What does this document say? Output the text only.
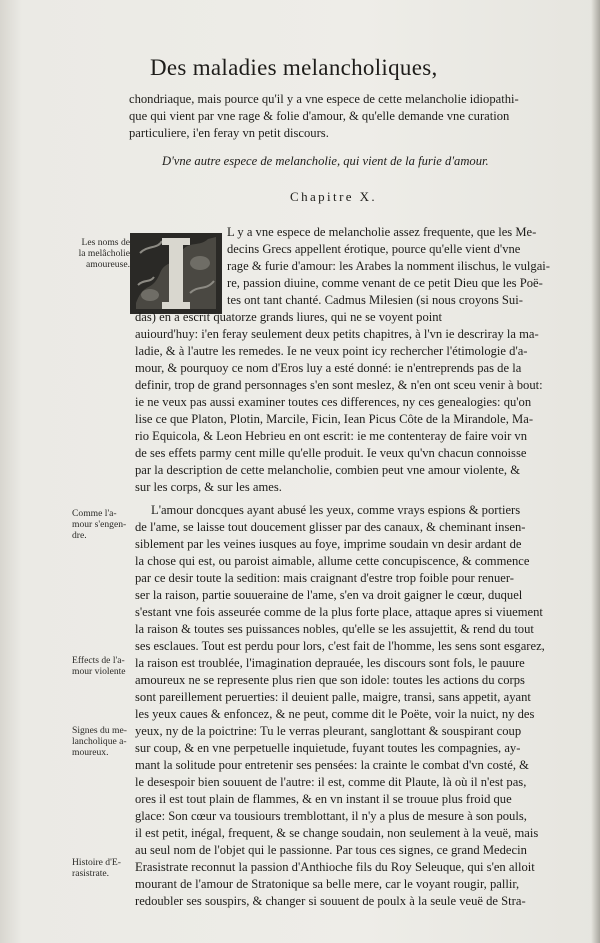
Des maladies melancholiques,
chondriaque, mais pource qu'il y a vne espece de cette melancholie idiopathi-
que qui vient par vne rage & folie d'amour, & qu'elle demande vne curation
particuliere, i'en feray vn petit discours.

D'vne autre espece de melancholie, qui vient de la furie d'amour.

Chapitre X.
I
L y a vne espece de melancholie assez frequente, que les Me-
decins Grecs appellent érotique, pource qu'elle vient d'vne
rage & furie d'amour: les Arabes la nomment ilischus, le vulgai-
re, passion diuine, comme venant de ce petit Dieu que les Poë-
tes ont tant chanté. Cadmus Milesien (si nous croyons Sui-
das) en a escrit quatorze grands liures, qui ne se voyent point
auiourd'huy: i'en feray seulement deux petits chapitres, à l'vn ie descriray la ma-
ladie, & à l'autre les remedes. Ie ne veux point icy rechercher l'étimologie d'a-
mour, & pourquoy ce nom d'Eros luy a esté donné: ie n'entreprends pas de la
definir, trop de grand personnages s'en sont meslez, & n'en ont sceu venir à bout:
ie ne veux pas aussi examiner toutes ces differences, ny ces genealogies: qu'on
lise ce que Platon, Plotin, Marcile, Ficin, Iean Picus Côte de la Mirandole, Ma-
rio Equicola, & Leon Hebrieu en ont escrit: ie me contenteray de faire voir vn
de ses effets parmy cent mille qu'elle produit. Ie veux qu'vn chacun connoisse
par la description de cette melancholie, combien peut vne amour violente, &
sur les corps, & sur les ames.
L'amour doncques ayant abusé les yeux, comme vrays espions & portiers
de l'ame, se laisse tout doucement glisser par des canaux, & cheminant insen-
siblement par les veines iusques au foye, imprime soudain vn desir ardant de
la chose qui est, ou paroist aimable, allume cette concupiscence, & commence
par ce desir toute la sedition: mais craignant d'estre trop foible pour renuer-
ser la raison, partie souueraine de l'ame, s'en va droit gaigner le cœur, duquel
s'estant vne fois asseurée comme de la plus forte place, attaque apres si viuement
la raison & toutes ses puissances nobles, qu'elle se les assujettit, & rend du tout
ses esclaues. Tout est perdu pour lors, c'est fait de l'homme, les sens sont esgarez,
la raison est troublée, l'imagination deprauée, les discours sont fols, le pauure
amoureux ne se represente plus rien que son idole: toutes les actions du corps
sont pareillement peruerties: il deuient palle, maigre, transi, sans appetit, ayant
les yeux caues & enfoncez, & ne peut, comme dit le Poëte, voir la nuict, ny des
yeux, ny de la poictrine: Tu le verras pleurant, sanglottant & souspirant coup
sur coup, & en vne perpetuelle inquietude, fuyant toutes les compagnies, ay-
mant la solitude pour entretenir ses pensées: la crainte le combat d'vn costé, &
le desespoir bien souuent de l'autre: il est, comme dit Plaute, là où il n'est pas,
ores il est tout plain de flammes, & en vn instant il se trouue plus froid que
glace: Son cœur va tousiours tremblottant, il n'y a plus de mesure à son pouls,
il est petit, inégal, frequent, & se change soudain, non seulement à la veuë, mais
au seul nom de l'objet qui le passionne. Par tous ces signes, ce grand Medecin
Erasistrate reconnut la passion d'Anthioche fils du Roy Seleuque, qui s'en alloit
mourant de l'amour de Stratonique sa belle mere, car le voyant rougir, pallir,
redoubler ses souspirs, & changer si souuent de poulx à la seule veuë de Stra-
Les noms de
la melâcholie
amoureuse.
Comme l'a-
mour s'engen-
dre.
Effects de l'a-
mour violente
Signes du me-
lancholique a-
moureux.
Histoire d'E-
rasistrate.
